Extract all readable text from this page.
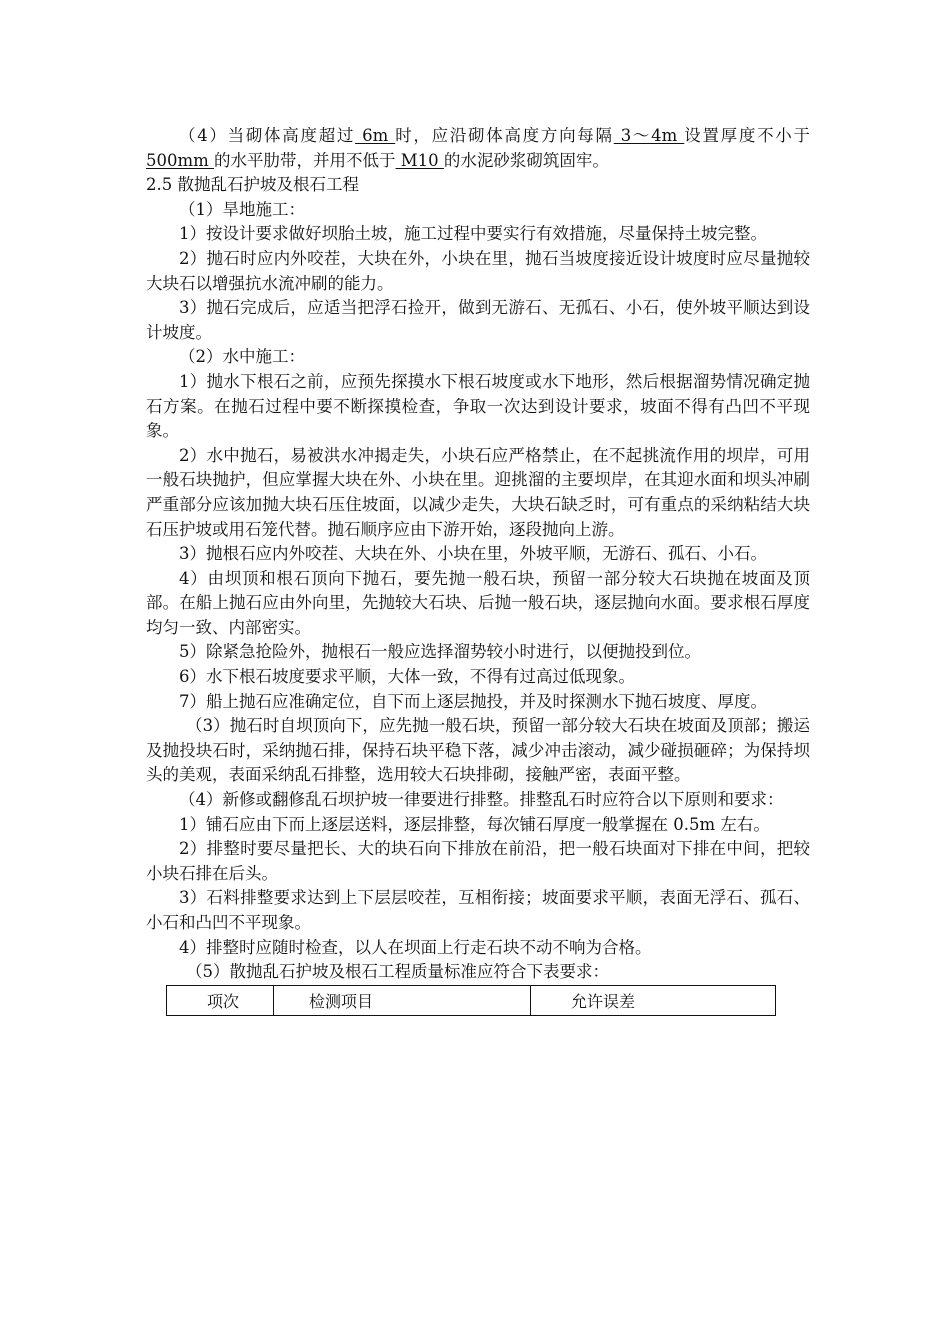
（4）当砌体高度超过 6m 时，应沿砌体高度方向每隔 3～4m 设置厚度不小于 500mm 的水平肋带，并用不低于 M10 的水泥砂浆砌筑固牢。

2.5 散抛乱石护坡及根石工程

（1）旱地施工：

1）按设计要求做好坝胎土坡，施工过程中要实行有效措施，尽量保持土坡完整。

2）抛石时应内外咬茬，大块在外，小块在里，抛石当坡度接近设计坡度时应尽量抛较大块石以增强抗水流冲刷的能力。

3）抛石完成后，应适当把浮石捡开，做到无游石、无孤石、小石，使外坡平顺达到设计坡度。

（2）水中施工：

1）抛水下根石之前，应预先探摸水下根石坡度或水下地形，然后根据溜势情况确定抛石方案。在抛石过程中要不断探摸检查，争取一次达到设计要求，坡面不得有凸凹不平现象。

2）水中抛石，易被洪水冲揭走失，小块石应严格禁止，在不起挑流作用的坝岸，可用一般石块抛护，但应掌握大块在外、小块在里。迎挑溜的主要坝岸，在其迎水面和坝头冲刷严重部分应该加抛大块石压住坡面，以减少走失，大块石缺乏时，可有重点的采纳粘结大块石压护坡或用石笼代替。抛石顺序应由下游开始，逐段抛向上游。

3）抛根石应内外咬茬、大块在外、小块在里，外坡平顺，无游石、孤石、小石。

4）由坝顶和根石顶向下抛石，要先抛一般石块，预留一部分较大石块抛在坡面及顶部。在船上抛石应由外向里，先抛较大石块、后抛一般石块，逐层抛向水面。要求根石厚度均匀一致、内部密实。

5）除紧急抢险外，抛根石一般应选择溜势较小时进行，以便抛投到位。

6）水下根石坡度要求平顺，大体一致，不得有过高过低现象。

7）船上抛石应准确定位，自下而上逐层抛投，并及时探测水下抛石坡度、厚度。

（3）抛石时自坝顶向下，应先抛一般石块，预留一部分较大石块在坡面及顶部；搬运及抛投块石时，采纳抛石排，保持石块平稳下落，减少冲击滚动，减少碰损砸碎；为保持坝头的美观，表面采纳乱石排整，选用较大石块排砌，接触严密，表面平整。

（4）新修或翻修乱石坝护坡一律要进行排整。排整乱石时应符合以下原则和要求：

1）铺石应由下而上逐层送料，逐层排整，每次铺石厚度一般掌握在 0.5m 左右。

2）排整时要尽量把长、大的块石向下排放在前沿，把一般石块面对下排在中间，把较小块石排在后头。

3）石料排整要求达到上下层层咬茬，互相衔接；坡面要求平顺，表面无浮石、孤石、小石和凸凹不平现象。

4）排整时应随时检查，以人在坝面上行走石块不动不响为合格。

（5）散抛乱石护坡及根石工程质量标准应符合下表要求：

项次	检测项目	允许误差
